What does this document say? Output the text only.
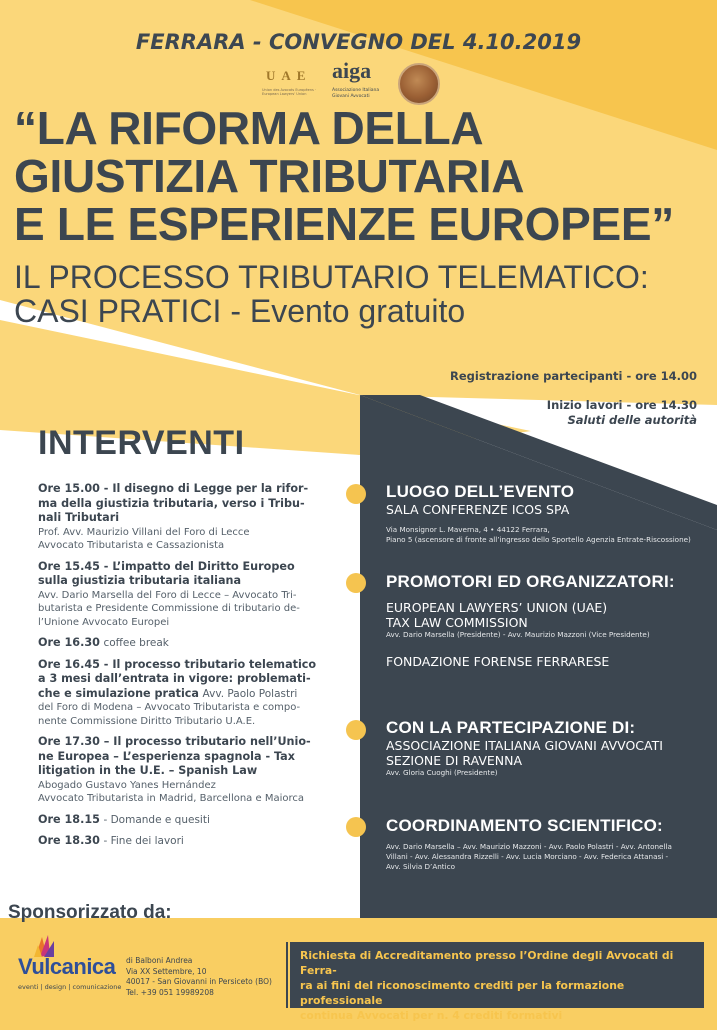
FERRARA - CONVEGNO DEL 4.10.2019
UAE
Union des Avocats Européens · European Lawyers' Union
aiga
Associazione Italiana Giovani Avvocati
“LA RIFORMA DELLA
GIUSTIZIA TRIBUTARIA
E LE ESPERIENZE EUROPEE”
IL PROCESSO TRIBUTARIO TELEMATICO:
CASI PRATICI - Evento gratuito
Registrazione partecipanti - ore 14.00
Inizio lavori - ore 14.30
Saluti delle autorità
INTERVENTI
Ore 15.00 - Il disegno di Legge per la rifor-
ma della giustizia tributaria, verso i Tribu-
nali Tributari
Prof. Avv. Maurizio Villani del Foro di Lecce
Avvocato Tributarista e Cassazionista
Ore 15.45 - L’impatto del Diritto Europeo
sulla giustizia tributaria italiana
Avv. Dario Marsella del Foro di Lecce – Avvocato Tri-
butarista e Presidente Commissione di tributario de-
l’Unione Avvocato Europei
Ore 16.30 coffee break
Ore 16.45 - Il processo tributario telematico
a 3 mesi dall’entrata in vigore: problemati-
che e simulazione pratica Avv. Paolo Polastri
del Foro di Modena – Avvocato Tributarista e compo-
nente Commissione Diritto Tributario U.A.E.
Ore 17.30 – Il processo tributario nell’Unio-
ne Europea – L’esperienza spagnola - Tax
litigation in the U.E. – Spanish Law
Abogado Gustavo Yanes Hernández
Avvocato Tributarista in Madrid, Barcellona e Maiorca
Ore 18.15 - Domande e quesiti
Ore 18.30 - Fine dei lavori
LUOGO DELL’EVENTO
SALA CONFERENZE ICOS SPA
Via Monsignor L. Maverna, 4 • 44122 Ferrara,
Piano 5 (ascensore di fronte all’ingresso dello Sportello Agenzia Entrate-Riscossione)
PROMOTORI ED ORGANIZZATORI:
EUROPEAN LAWYERS’ UNION (UAE)
TAX LAW COMMISSION
Avv. Dario Marsella (Presidente) - Avv. Maurizio Mazzoni (Vice Presidente)
FONDAZIONE FORENSE FERRARESE
CON LA PARTECIPAZIONE DI:
ASSOCIAZIONE ITALIANA GIOVANI AVVOCATI
SEZIONE DI RAVENNA
Avv. Gloria Cuoghi (Presidente)
COORDINAMENTO SCIENTIFICO:
Avv. Dario Marsella – Avv. Maurizio Mazzoni - Avv. Paolo Polastri - Avv. Antonella
Villani - Avv. Alessandra Rizzelli - Avv. Lucia Morciano - Avv. Federica Attanasi -
Avv. Silvia D’Antico
Sponsorizzato da:
Vulcanica
eventi | design | comunicazione
di Balboni Andrea
Via XX Settembre, 10
40017 - San Giovanni in Persiceto (BO)
Tel. +39 051 19989208
Richiesta di Accreditamento presso l’Ordine degli Avvocati di Ferra-
ra ai fini del riconoscimento crediti per la formazione professionale
continua Avvocati per n. 4 crediti formativi
